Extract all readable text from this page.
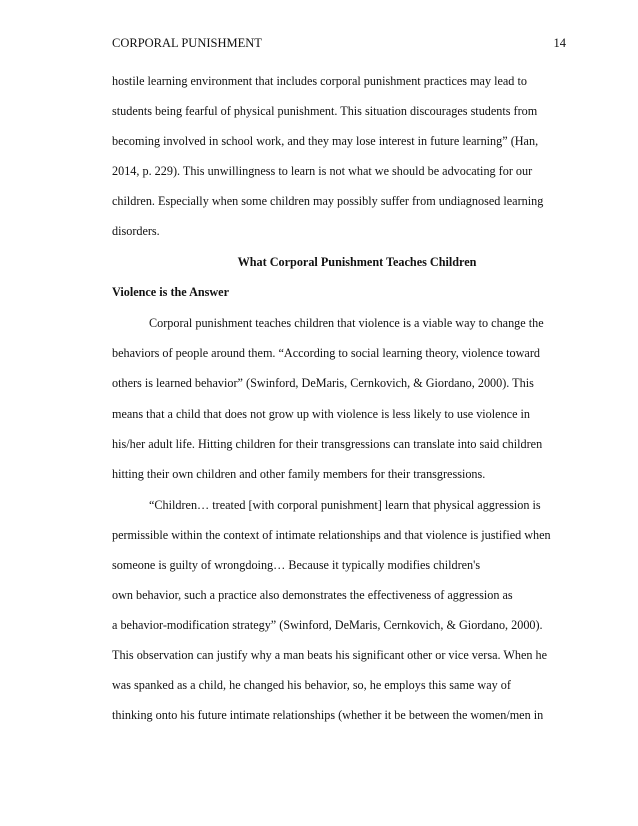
CORPORAL PUNISHMENT	14
hostile learning environment that includes corporal punishment practices may lead to
students being fearful of physical punishment. This situation discourages students from
becoming involved in school work, and they may lose interest in future learning” (Han,
2014, p. 229). This unwillingness to learn is not what we should be advocating for our
children. Especially when some children may possibly suffer from undiagnosed learning
disorders.
What Corporal Punishment Teaches Children
Violence is the Answer
Corporal punishment teaches children that violence is a viable way to change the
behaviors of people around them. “According to social learning theory, violence toward
others is learned behavior” (Swinford, DeMaris, Cernkovich, & Giordano, 2000). This
means that a child that does not grow up with violence is less likely to use violence in
his/her adult life. Hitting children for their transgressions can translate into said children
hitting their own children and other family members for their transgressions.
“Children… treated [with corporal punishment] learn that physical aggression is
permissible within the context of intimate relationships and that violence is justified when
someone is guilty of wrongdoing… Because it typically modifies children's
own behavior, such a practice also demonstrates the effectiveness of aggression as
a behavior-modification strategy” (Swinford, DeMaris, Cernkovich, & Giordano, 2000).
This observation can justify why a man beats his significant other or vice versa. When he
was spanked as a child, he changed his behavior, so, he employs this same way of
thinking onto his future intimate relationships (whether it be between the women/men in
